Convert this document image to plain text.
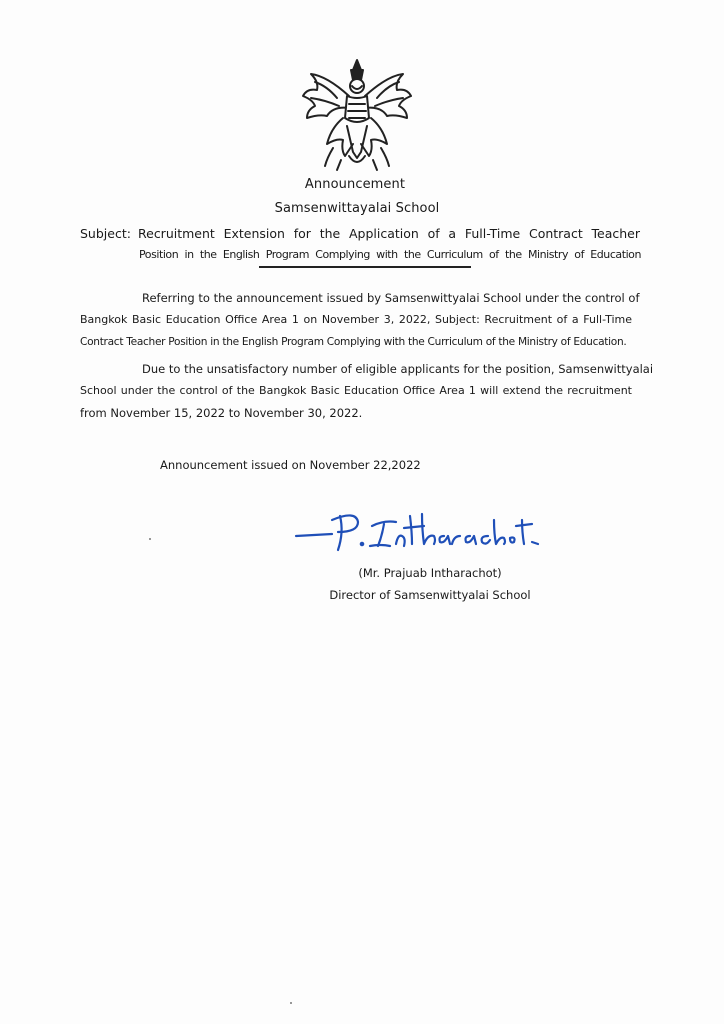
Announcement
Samsenwittayalai School
Subject: Recruitment Extension for the Application of a Full-Time Contract Teacher
Position in the English Program Complying with the Curriculum of the Ministry of Education
Referring to the announcement issued by Samsenwittyalai School under the control of
Bangkok Basic Education Office Area 1 on November 3, 2022, Subject: Recruitment of a Full-Time
Contract Teacher Position in the English Program Complying with the Curriculum of the Ministry of Education.
Due to the unsatisfactory number of eligible applicants for the position, Samsenwittyalai
School under the control of the Bangkok Basic Education Office Area 1 will extend the recruitment
from November 15, 2022 to November 30, 2022.
Announcement issued on November 22,2022
(Mr. Prajuab Intharachot)
Director of Samsenwittyalai School
